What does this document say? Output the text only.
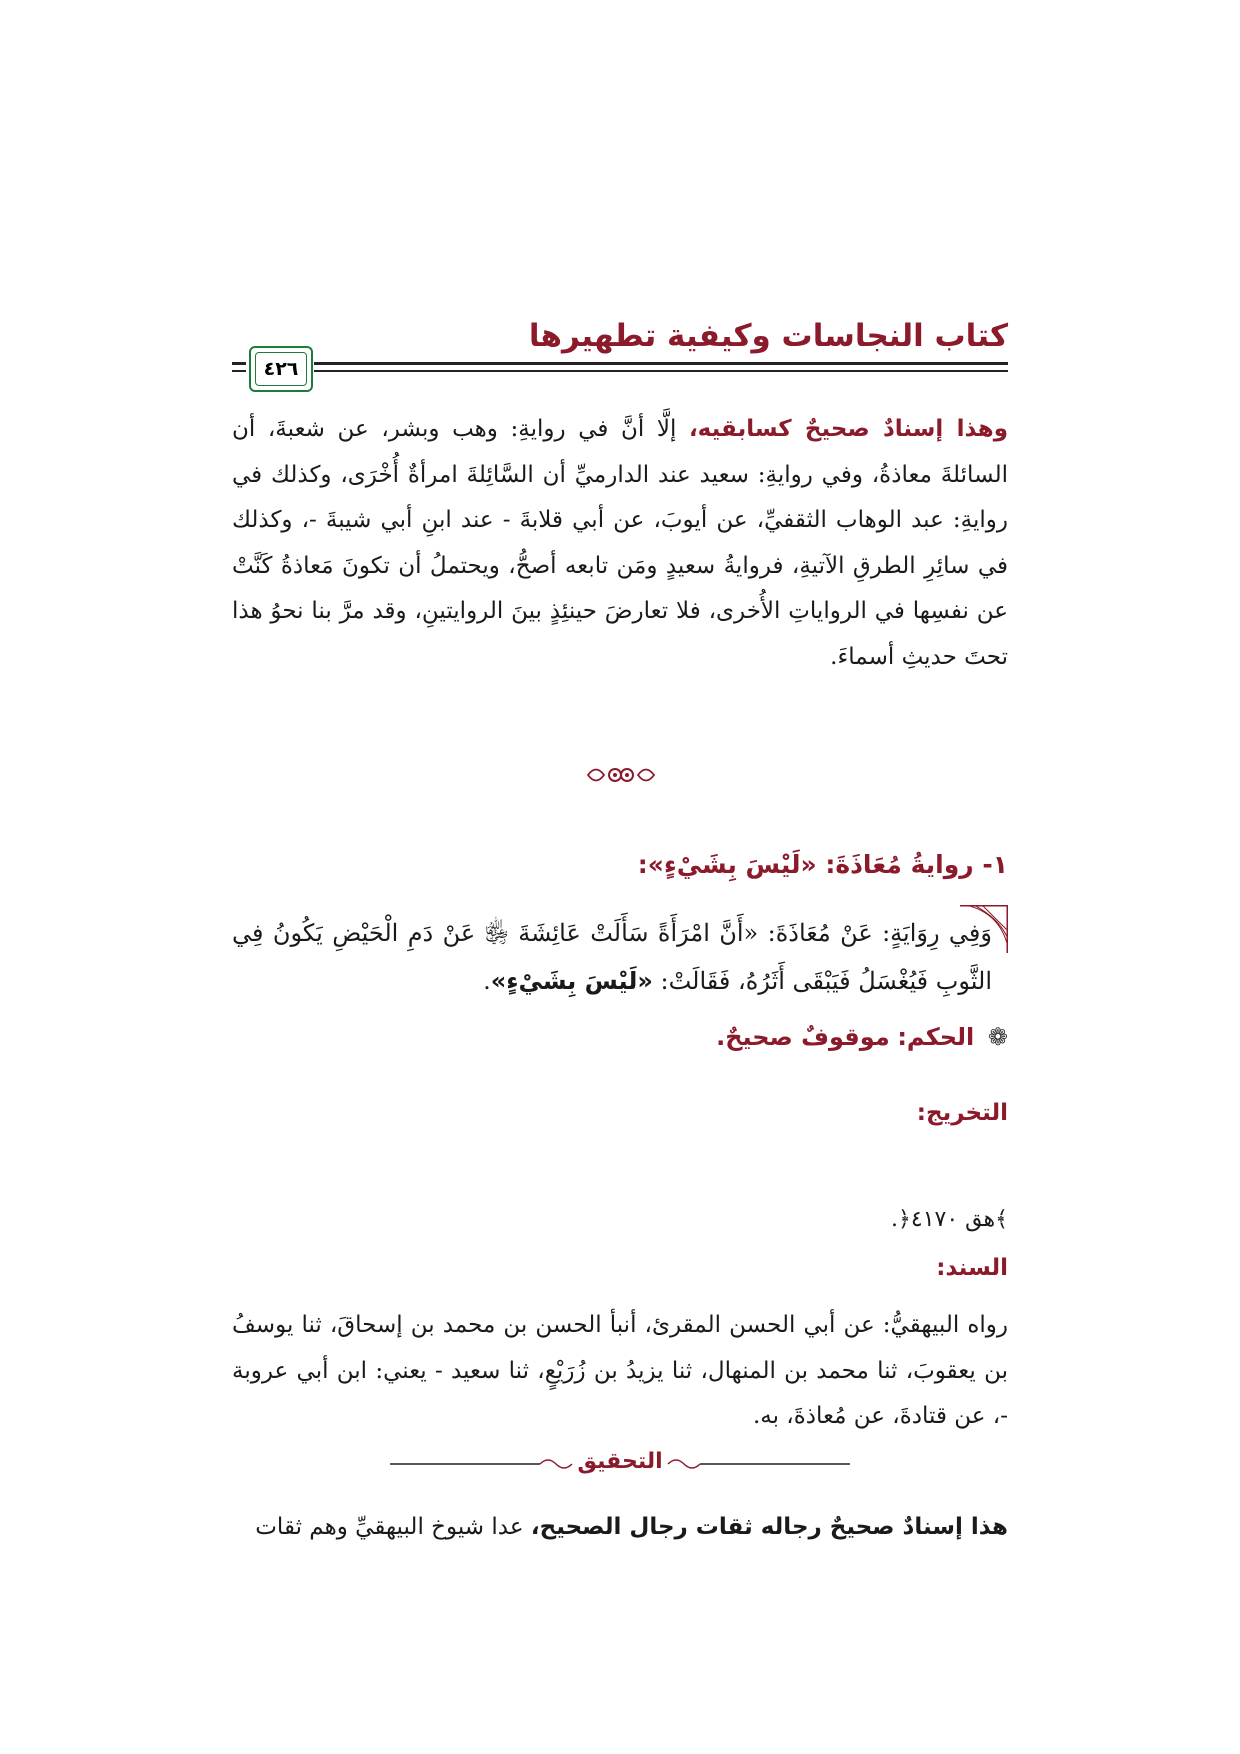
كتاب النجاسات وكيفية تطهيرها
٤٢٦
وهذا إسنادٌ صحيحٌ كسابقيه، إلَّا أنَّ في روايةِ: وهب وبشر، عن شعبةَ، أن السائلةَ معاذةُ، وفي روايةِ: سعيد عند الدارميِّ أن السَّائِلةَ امرأةٌ أُخْرَى، وكذلك في روايةِ: عبد الوهاب الثقفيِّ، عن أيوبَ، عن أبي قلابةَ - عند ابنِ أبي شيبةَ -، وكذلك في سائِرِ الطرقِ الآتيةِ، فروايةُ سعيدٍ ومَن تابعه أصحُّ، ويحتملُ أن تكونَ مَعاذةُ كَنَّتْ عن نفسِها في الرواياتِ الأُخرى، فلا تعارضَ حينئِذٍ بينَ الروايتينِ، وقد مرَّ بنا نحوُ هذا تحتَ حديثِ أسماءَ.
١- روايةُ مُعَاذَةَ: «لَيْسَ بِشَيْءٍ»:
وَفِي رِوَايَةٍ: عَنْ مُعَاذَةَ: «أَنَّ امْرَأَةً سَأَلَتْ عَائِشَةَ ﵂ عَنْ دَمِ الْحَيْضِ يَكُونُ فِي الثَّوبِ فَيُغْسَلُ فَيَبْقَى أَثَرُهُ، فَقَالَتْ: «لَيْسَ بِشَيْءٍ».
❁ الحكم: موقوفٌ صحيحٌ.
التخريج:
﴾هق ٤١٧٠﴿.
السند:
رواه البيهقيُّ: عن أبي الحسن المقرئ، أنبأ الحسن بن محمد بن إسحاقَ، ثنا يوسفُ بن يعقوبَ، ثنا محمد بن المنهال، ثنا يزيدُ بن زُرَيْعٍ، ثنا سعيد - يعني: ابن أبي عروبة -، عن قتادةَ، عن مُعاذةَ، به.
التحقيق
هذا إسنادٌ صحيحٌ رجاله ثقات رجال الصحيح، عدا شيوخ البيهقيِّ وهم ثقات
